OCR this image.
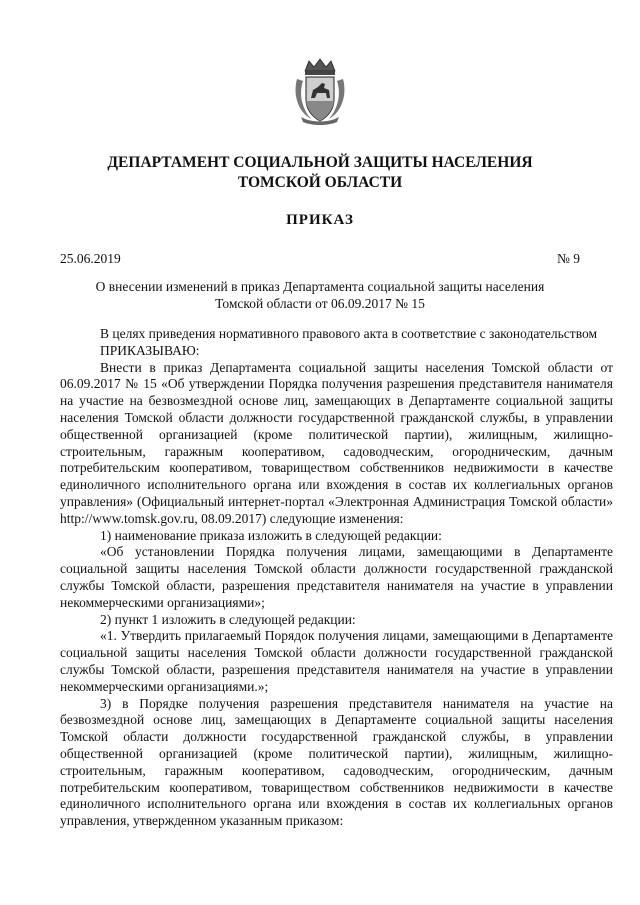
ДЕПАРТАМЕНТ СОЦИАЛЬНОЙ ЗАЩИТЫ НАСЕЛЕНИЯ
ТОМСКОЙ ОБЛАСТИ
ПРИКАЗ
25.06.2019	№ 9
О внесении изменений в приказ Департамента социальной защиты населения
Томской области от 06.09.2017 № 15

В целях приведения нормативного правового акта в соответствие с законодательством

ПРИКАЗЫВАЮ:

Внести в приказ Департамента социальной защиты населения Томской области от 06.09.2017 № 15 «Об утверждении Порядка получения разрешения представителя нанимателя на участие на безвозмездной основе лиц, замещающих в Департаменте социальной защиты населения Томской области должности государственной гражданской службы, в управлении общественной организацией (кроме политической партии), жилищным, жилищно-строительным, гаражным кооперативом, садоводческим, огородническим, дачным потребительским кооперативом, товариществом собственников недвижимости в качестве единоличного исполнительного органа или вхождения в состав их коллегиальных органов управления» (Официальный интернет-портал «Электронная Администрация Томской области» http://www.tomsk.gov.ru, 08.09.2017) следующие изменения:

1) наименование приказа изложить в следующей редакции:

«Об установлении Порядка получения лицами, замещающими в Департаменте социальной защиты населения Томской области должности государственной гражданской службы Томской области, разрешения представителя нанимателя на участие в управлении некоммерческими организациями»;

2) пункт 1 изложить в следующей редакции:

«1. Утвердить прилагаемый Порядок получения лицами, замещающими в Департаменте социальной защиты населения Томской области должности государственной гражданской службы Томской области, разрешения представителя нанимателя на участие в управлении некоммерческими организациями.»;

3) в Порядке получения разрешения представителя нанимателя на участие на безвозмездной основе лиц, замещающих в Департаменте социальной защиты населения Томской области должности государственной гражданской службы, в управлении общественной организацией (кроме политической партии), жилищным, жилищно-строительным, гаражным кооперативом, садоводческим, огородническим, дачным потребительским кооперативом, товариществом собственников недвижимости в качестве единоличного исполнительного органа или вхождения в состав их коллегиальных органов управления, утвержденном указанным приказом:
